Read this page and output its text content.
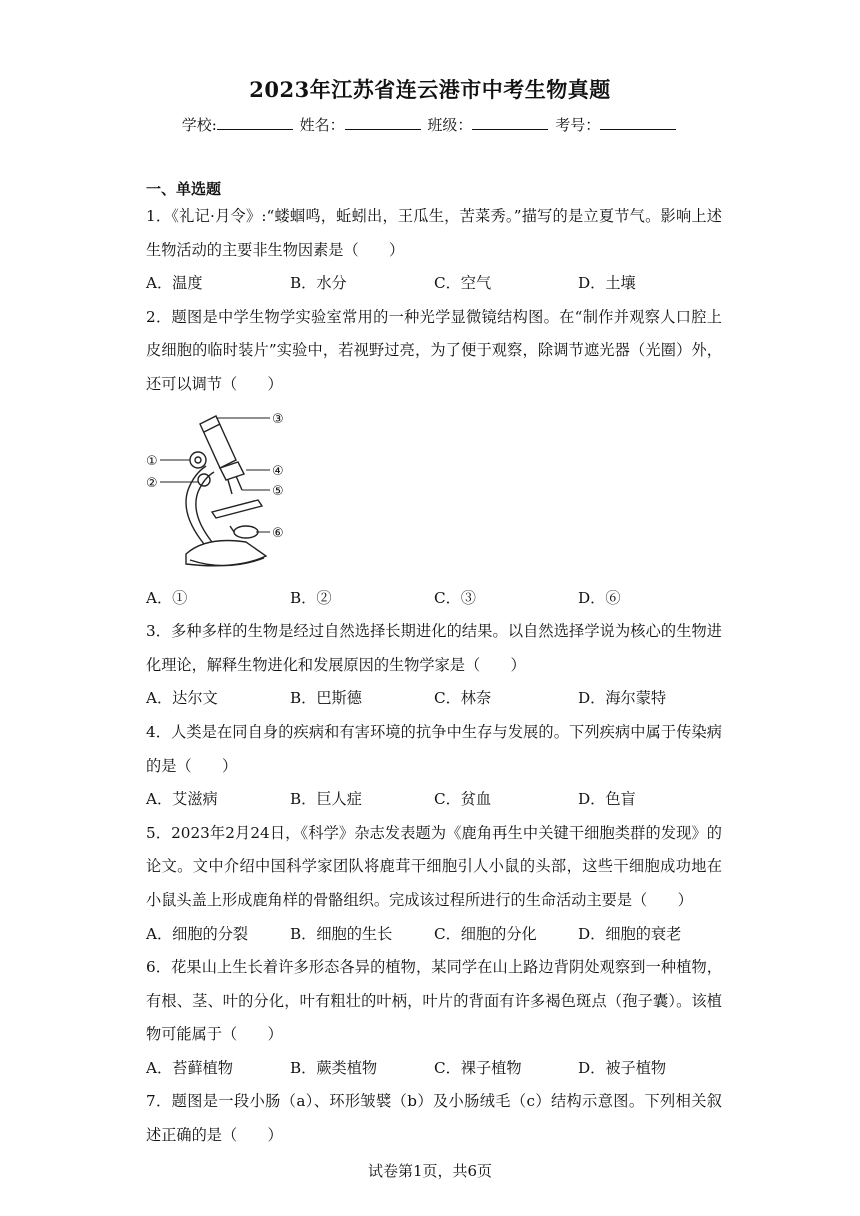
2023年江苏省连云港市中考生物真题
学校:	姓名：	班级：	考号：
一、单选题

1．《礼记·月令》:“蝼蝈鸣，蚯蚓出，王瓜生，苦菜秀。”描写的是立夏节气。影响上述生物活动的主要非生物因素是（　　）

A．温度	B．水分	C．空气	D．土壤

2．题图是中学生物学实验室常用的一种光学显微镜结构图。在“制作并观察人口腔上皮细胞的临时装片”实验中，若视野过亮，为了便于观察，除调节遮光器（光圈）外，还可以调节（　　）

③
①
④
②
⑤
⑥
A．①	B．②	C．③	D．⑥

3．多种多样的生物是经过自然选择长期进化的结果。以自然选择学说为核心的生物进化理论，解释生物进化和发展原因的生物学家是（　　）

A．达尔文	B．巴斯德	C．林奈	D．海尔蒙特

4．人类是在同自身的疾病和有害环境的抗争中生存与发展的。下列疾病中属于传染病的是（　　）

A．艾滋病	B．巨人症	C．贫血	D．色盲

5．2023年2月24日，《科学》杂志发表题为《鹿角再生中关键干细胞类群的发现》的论文。文中介绍中国科学家团队将鹿茸干细胞引人小鼠的头部，这些干细胞成功地在小鼠头盖上形成鹿角样的骨骼组织。完成该过程所进行的生命活动主要是（　　）

A．细胞的分裂	B．细胞的生长	C．细胞的分化	D．细胞的衰老

6．花果山上生长着许多形态各异的植物，某同学在山上路边背阴处观察到一种植物，有根、茎、叶的分化，叶有粗壮的叶柄，叶片的背面有许多褐色斑点（孢子囊）。该植物可能属于（　　）

A．苔藓植物	B．蕨类植物	C．裸子植物	D．被子植物

7．题图是一段小肠（a）、环形皱襞（b）及小肠绒毛（c）结构示意图。下列相关叙述正确的是（　　）

试卷第1页，共6页
